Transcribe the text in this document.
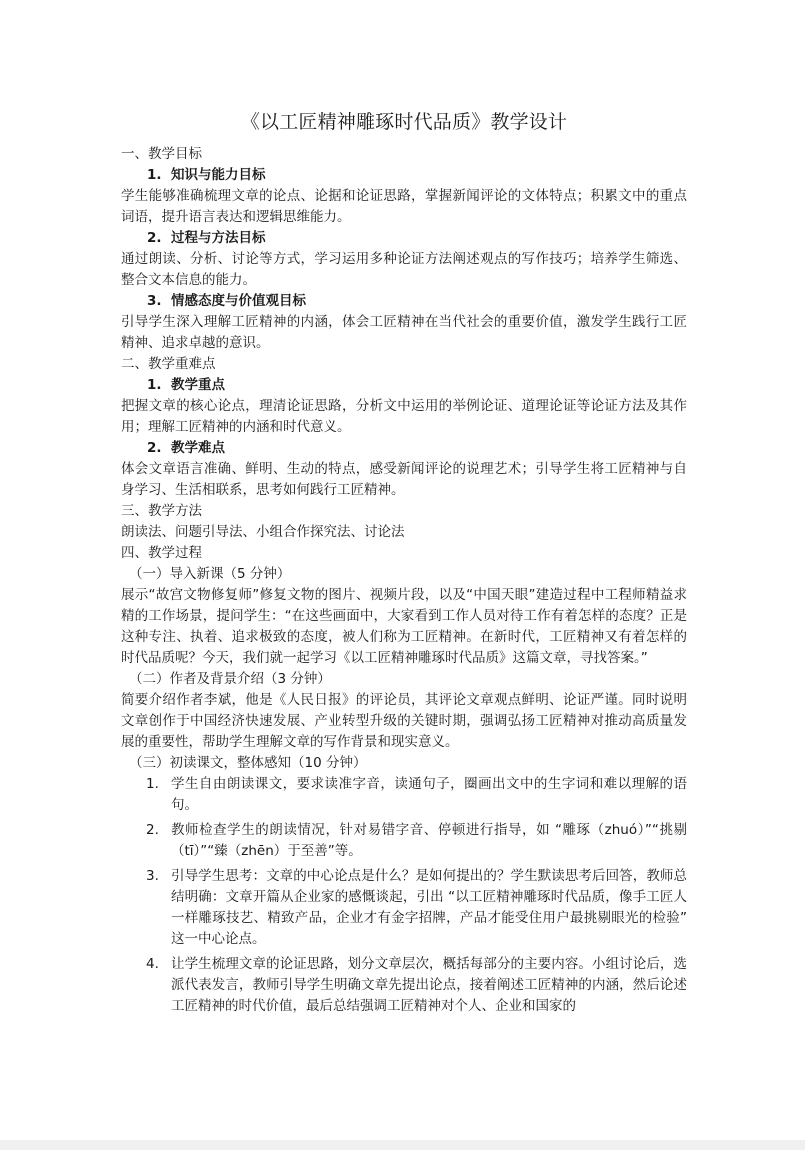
《以工匠精神雕琢时代品质》教学设计

一、教学目标

1. 知识与能力目标

学生能够准确梳理文章的论点、论据和论证思路，掌握新闻评论的文体特点；积累文中的重点词语，提升语言表达和逻辑思维能力。

2. 过程与方法目标

通过朗读、分析、讨论等方式，学习运用多种论证方法阐述观点的写作技巧；培养学生筛选、整合文本信息的能力。

3. 情感态度与价值观目标

引导学生深入理解工匠精神的内涵，体会工匠精神在当代社会的重要价值，激发学生践行工匠精神、追求卓越的意识。

二、教学重难点

1. 教学重点

把握文章的核心论点，理清论证思路，分析文中运用的举例论证、道理论证等论证方法及其作用；理解工匠精神的内涵和时代意义。

2. 教学难点

体会文章语言准确、鲜明、生动的特点，感受新闻评论的说理艺术；引导学生将工匠精神与自身学习、生活相联系，思考如何践行工匠精神。

三、教学方法

朗读法、问题引导法、小组合作探究法、讨论法

四、教学过程

（一）导入新课（5 分钟）

展示“故宫文物修复师”修复文物的图片、视频片段，以及“中国天眼”建造过程中工程师精益求精的工作场景，提问学生：“在这些画面中，大家看到工作人员对待工作有着怎样的态度？正是这种专注、执着、追求极致的态度，被人们称为工匠精神。在新时代，工匠精神又有着怎样的时代品质呢？今天，我们就一起学习《以工匠精神雕琢时代品质》这篇文章，寻找答案。”

（二）作者及背景介绍（3 分钟）

简要介绍作者李斌，他是《人民日报》的评论员，其评论文章观点鲜明、论证严谨。同时说明文章创作于中国经济快速发展、产业转型升级的关键时期，强调弘扬工匠精神对推动高质量发展的重要性，帮助学生理解文章的写作背景和现实意义。

（三）初读课文，整体感知（10 分钟）

1. 学生自由朗读课文，要求读准字音，读通句子，圈画出文中的生字词和难以理解的语句。
2. 教师检查学生的朗读情况，针对易错字音、停顿进行指导，如 “雕琢（zhuó）”“挑剔（tī）”“臻（zhēn）于至善”等。
3. 引导学生思考：文章的中心论点是什么？是如何提出的？学生默读思考后回答，教师总结明确：文章开篇从企业家的感慨谈起，引出 “以工匠精神雕琢时代品质，像手工匠人一样雕琢技艺、精致产品，企业才有金字招牌，产品才能受住用户最挑剔眼光的检验” 这一中心论点。
4. 让学生梳理文章的论证思路，划分文章层次，概括每部分的主要内容。小组讨论后，选派代表发言，教师引导学生明确文章先提出论点，接着阐述工匠精神的内涵，然后论述工匠精神的时代价值，最后总结强调工匠精神对个人、企业和国家的
